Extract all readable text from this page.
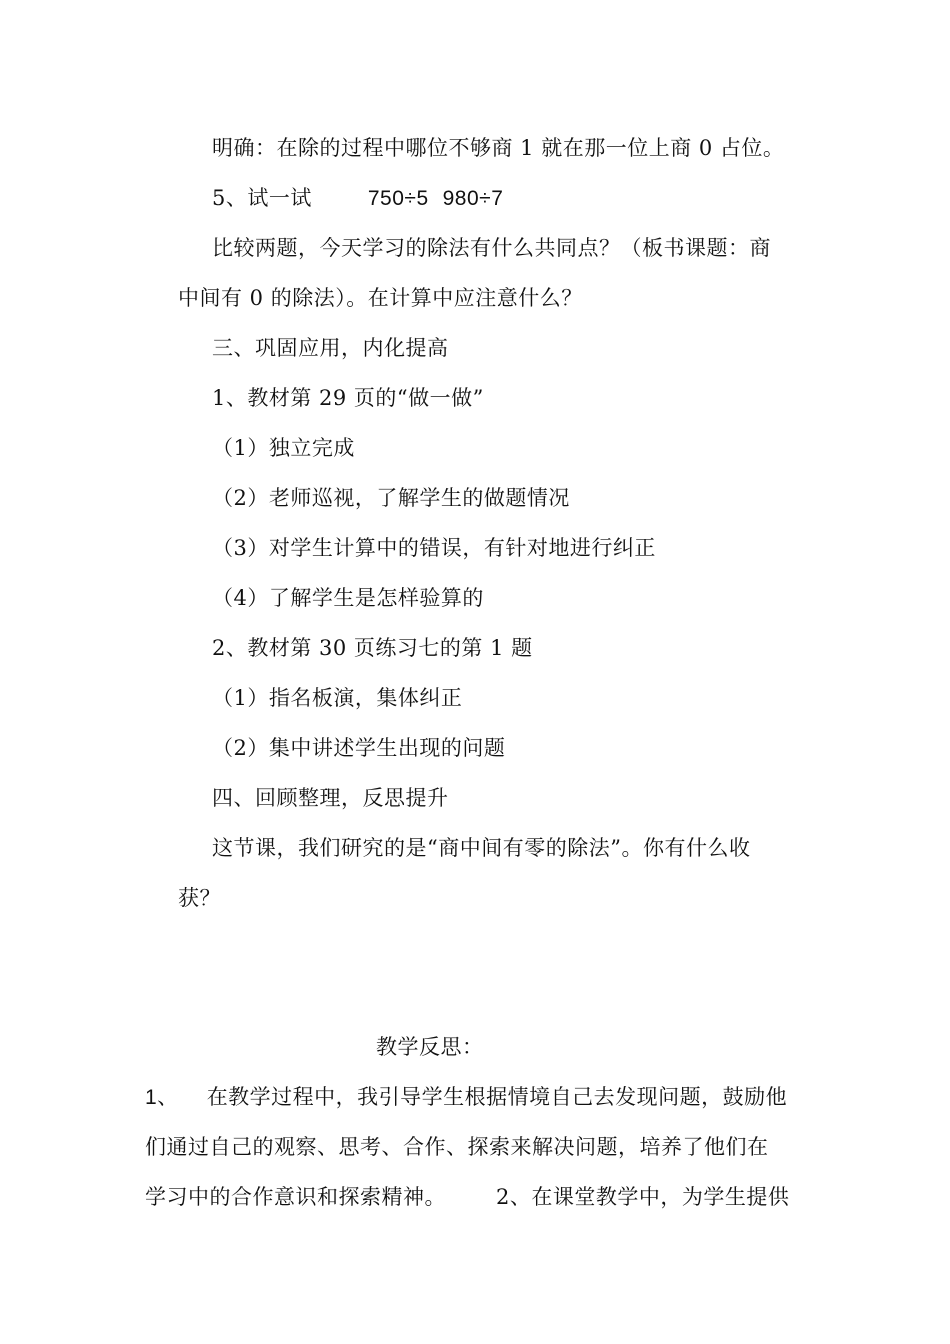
明确：在除的过程中哪位不够商 1 就在那一位上商 0 占位。
5、试一试	750÷5 980÷7
比较两题，今天学习的除法有什么共同点？（板书课题：商
中间有 0 的除法）。在计算中应注意什么？
三、巩固应用，内化提高
1、教材第 29 页的“做一做”
（1）独立完成
（2）老师巡视，了解学生的做题情况
（3）对学生计算中的错误，有针对地进行纠正
（4）了解学生是怎样验算的
2、教材第 30 页练习七的第 1 题
（1）指名板演，集体纠正
（2）集中讲述学生出现的问题
四、回顾整理，反思提升
这节课，我们研究的是“商中间有零的除法”。你有什么收
获？
教学反思：
1、 在教学过程中，我引导学生根据情境自己去发现问题，鼓励他
们通过自己的观察、思考、合作、探索来解决问题，培养了他们在
学习中的合作意识和探索精神。 2、在课堂教学中，为学生提供
